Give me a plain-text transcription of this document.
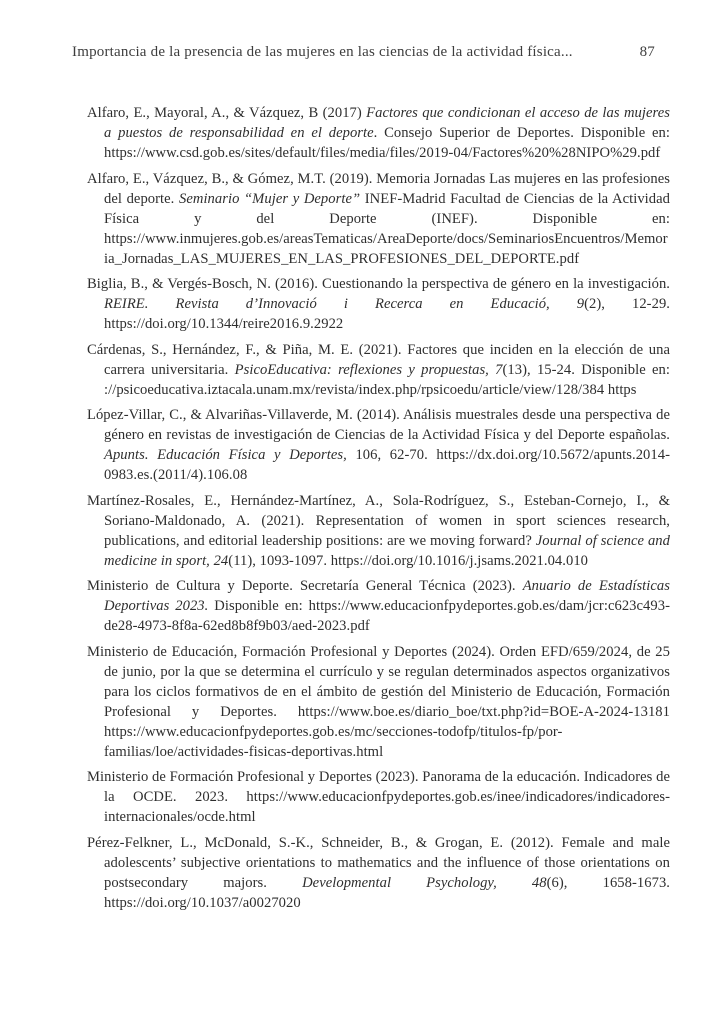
Importancia de la presencia de las mujeres en las ciencias de la actividad física...	87

Alfaro, E., Mayoral, A., & Vázquez, B (2017) Factores que condicionan el acceso de las mujeres a puestos de responsabilidad en el deporte. Consejo Superior de Deportes. Disponible en: https://www.csd.gob.es/sites/default/files/media/files/2019-04/Factores%20%28NIPO%29.pdf

Alfaro, E., Vázquez, B., & Gómez, M.T. (2019). Memoria Jornadas Las mujeres en las profesiones del deporte. Seminario “Mujer y Deporte” INEF-Madrid Facultad de Ciencias de la Actividad Física y del Deporte (INEF). Disponible en: https://www.inmujeres.gob.es/areasTematicas/AreaDeporte/docs/SeminariosEncuentros/Memoria_Jornadas_LAS_MUJERES_EN_LAS_PROFESIONES_DEL_DEPORTE.pdf

Biglia, B., & Vergés-Bosch, N. (2016). Cuestionando la perspectiva de género en la investigación. REIRE. Revista d’Innovació i Recerca en Educació, 9(2), 12-29. https://doi.org/10.1344/reire2016.9.2922

Cárdenas, S., Hernández, F., & Piña, M. E. (2021). Factores que inciden en la elección de una carrera universitaria. PsicoEducativa: reflexiones y propuestas, 7(13), 15-24. Disponible en: ://psicoeducativa.iztacala.unam.mx/revista/index.php/rpsicoedu/article/view/128/384 https

López-Villar, C., & Alvariñas-Villaverde, M. (2014). Análisis muestrales desde una perspectiva de género en revistas de investigación de Ciencias de la Actividad Física y del Deporte españolas. Apunts. Educación Física y Deportes, 106, 62-70. https://dx.doi.org/10.5672/apunts.2014-0983.es.(2011/4).106.08

Martínez-Rosales, E., Hernández-Martínez, A., Sola-Rodríguez, S., Esteban-Cornejo, I., & Soriano-Maldonado, A. (2021). Representation of women in sport sciences research, publications, and editorial leadership positions: are we moving forward? Journal of science and medicine in sport, 24(11), 1093-1097. https://doi.org/10.1016/j.jsams.2021.04.010

Ministerio de Cultura y Deporte. Secretaría General Técnica (2023). Anuario de Estadísticas Deportivas 2023. Disponible en: https://www.educacionfpydeportes.gob.es/dam/jcr:c623c493-de28-4973-8f8a-62ed8b8f9b03/aed-2023.pdf

Ministerio de Educación, Formación Profesional y Deportes (2024). Orden EFD/659/2024, de 25 de junio, por la que se determina el currículo y se regulan determinados aspectos organizativos para los ciclos formativos de en el ámbito de gestión del Ministerio de Educación, Formación Profesional y Deportes. https://www.boe.es/diario_boe/txt.php?id=BOE-A-2024-13181 https://www.educacionfpydeportes.gob.es/mc/secciones-todofp/titulos-fp/por-familias/loe/actividades-fisicas-deportivas.html

Ministerio de Formación Profesional y Deportes (2023). Panorama de la educación. Indicadores de la OCDE. 2023. https://www.educacionfpydeportes.gob.es/inee/indicadores/indicadores-internacionales/ocde.html

Pérez-Felkner, L., McDonald, S.-K., Schneider, B., & Grogan, E. (2012). Female and male adolescents’ subjective orientations to mathematics and the influence of those orientations on postsecondary majors. Developmental Psychology, 48(6), 1658-1673. https://doi.org/10.1037/a0027020
